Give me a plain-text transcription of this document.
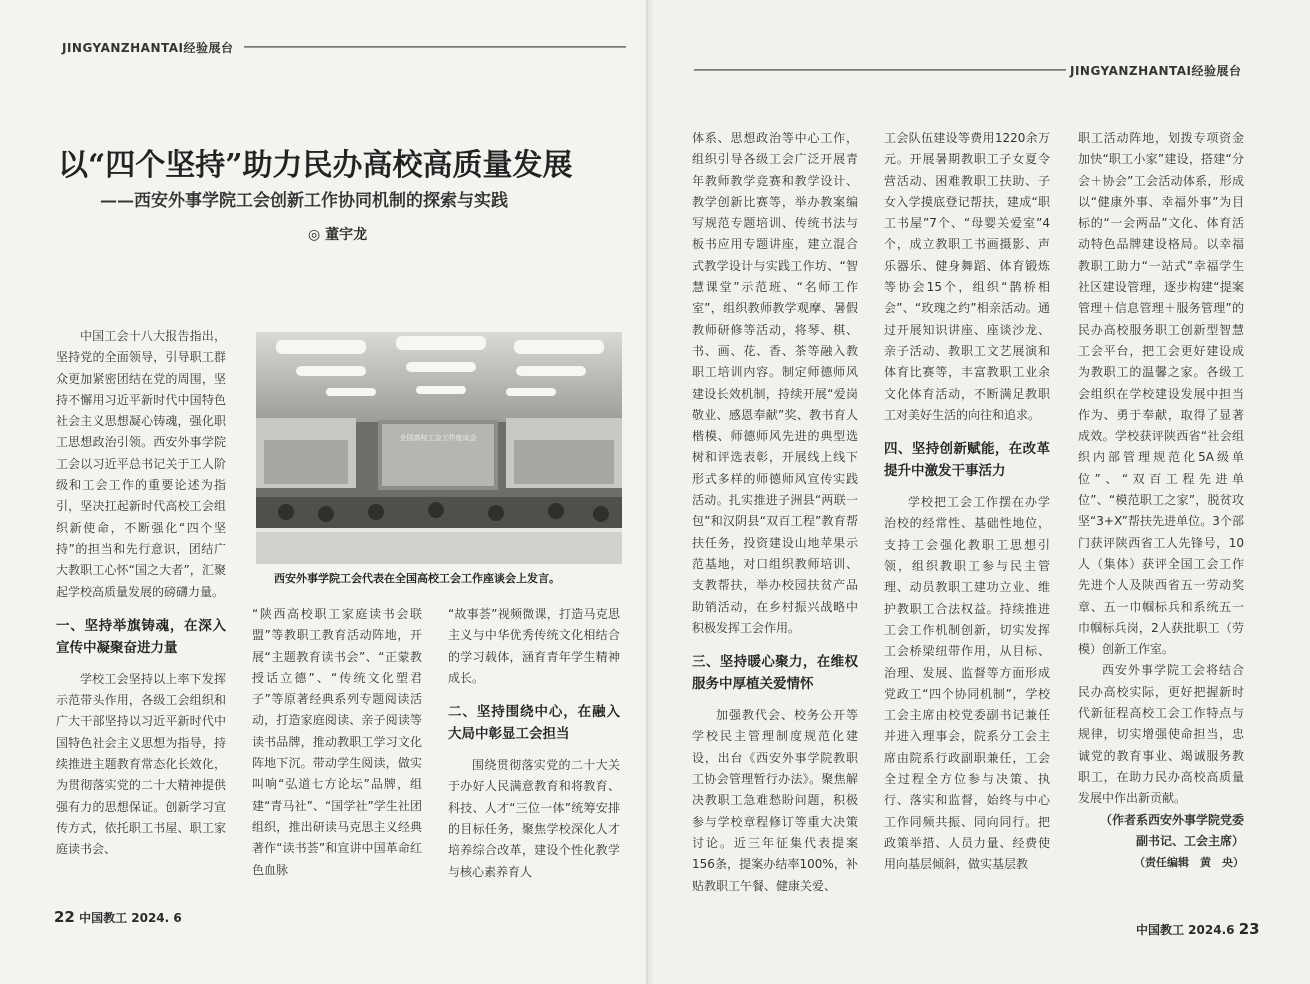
JINGYANZHANTAI经验展台
以“四个坚持”助力民办高校高质量发展
——西安外事学院工会创新工作协同机制的探索与实践
◎ 董宇龙

中国工会十八大报告指出，坚持党的全面领导，引导职工群众更加紧密团结在党的周围，坚持不懈用习近平新时代中国特色社会主义思想凝心铸魂，强化职工思想政治引领。西安外事学院工会以习近平总书记关于工人阶级和工会工作的重要论述为指引，坚决扛起新时代高校工会组织新使命，不断强化“四个坚持”的担当和先行意识，团结广大教职工心怀“国之大者”，汇聚起学校高质量发展的磅礴力量。

一、坚持举旗铸魂，在深入宣传中凝聚奋进力量

学校工会坚持以上率下发挥示范带头作用，各级工会组织和广大干部坚持以习近平新时代中国特色社会主义思想为指导，持续推进主题教育常态化长效化，为贯彻落实党的二十大精神提供强有力的思想保证。创新学习宣传方式，依托职工书屋、职工家庭读书会、

全国高校工会工作座谈会
西安外事学院工会代表在全国高校工会工作座谈会上发言。

“陕西高校职工家庭读书会联盟”等教职工教育活动阵地，开展“主题教育读书会”、“正蒙教授话立德”、“传统文化塑君子”等原著经典系列专题阅读活动，打造家庭阅读、亲子阅读等读书品牌，推动教职工学习文化阵地下沉。带动学生阅读，做实叫响“弘道七方论坛”品牌，组建“青马社”、“国学社”学生社团组织，推出研读马克思主义经典著作“读书荟”和宣讲中国革命红色血脉

“故事荟”视频微课，打造马克思主义与中华优秀传统文化相结合的学习载体，涵育青年学生精神成长。

二、坚持围绕中心，在融入大局中彰显工会担当

围绕贯彻落实党的二十大关于办好人民满意教育和将教育、科技、人才“三位一体”统筹安排的目标任务，聚焦学校深化人才培养综合改革，建设个性化教学与核心素养育人

22 中国教工 2024. 6
JINGYANZHANTAI经验展台

体系、思想政治等中心工作，组织引导各级工会广泛开展青年教师教学竞赛和教学设计、教学创新比赛等，举办教案编写规范专题培训、传统书法与板书应用专题讲座，建立混合式教学设计与实践工作坊、“智慧课堂”示范班、“名师工作室”，组织教师教学观摩、暑假教师研修等活动，将琴、棋、书、画、花、香、茶等融入教职工培训内容。制定师德师风建设长效机制，持续开展“爱岗敬业、感恩奉献”奖、教书育人楷模、师德师风先进的典型选树和评选表彰，开展线上线下形式多样的师德师风宣传实践活动。扎实推进子洲县“两联一包”和汉阴县“双百工程”教育帮扶任务，投资建设山地苹果示范基地，对口组织教师培训、支教帮扶，举办校园扶贫产品助销活动，在乡村振兴战略中积极发挥工会作用。

三、坚持暖心聚力，在维权服务中厚植关爱情怀

加强教代会、校务公开等学校民主管理制度规范化建设，出台《西安外事学院教职工协会管理暂行办法》。聚焦解决教职工急难愁盼问题，积极参与学校章程修订等重大决策讨论。近三年征集代表提案156条，提案办结率100%，补贴教职工午餐、健康关爱、

工会队伍建设等费用1220余万元。开展暑期教职工子女夏令营活动、困难教职工扶助、子女入学摸底登记帮扶，建成“职工书屋”7个、“母婴关爱室”4个，成立教职工书画摄影、声乐器乐、健身舞蹈、体育锻炼等协会15个，组织“鹊桥相会”、“玫瑰之约”相亲活动。通过开展知识讲座、座谈沙龙、亲子活动、教职工文艺展演和体育比赛等，丰富教职工业余文化体育活动，不断满足教职工对美好生活的向往和追求。

四、坚持创新赋能，在改革提升中激发干事活力

学校把工会工作摆在办学治校的经常性、基础性地位，支持工会强化教职工思想引领，组织教职工参与民主管理、动员教职工建功立业、维护教职工合法权益。持续推进工会工作机制创新，切实发挥工会桥梁纽带作用，从目标、治理、发展、监督等方面形成党政工“四个协同机制”，学校工会主席由校党委副书记兼任并进入理事会，院系分工会主席由院系行政副职兼任，工会全过程全方位参与决策、执行、落实和监督，始终与中心工作同频共振、同向同行。把政策举措、人员力量、经费使用向基层倾斜，做实基层教

职工活动阵地，划拨专项资金加快“职工小家”建设，搭建“分会＋协会”工会活动体系，形成以“健康外事、幸福外事”为目标的“一会两品”文化、体育活动特色品牌建设格局。以幸福教职工助力“一站式”幸福学生社区建设管理，逐步构建“提案管理＋信息管理＋服务管理”的民办高校服务职工创新型智慧工会平台，把工会更好建设成为教职工的温馨之家。各级工会组织在学校建设发展中担当作为、勇于奉献，取得了显著成效。学校获评陕西省“社会组织内部管理规范化5A级单位”、“双百工程先进单位”、“模范职工之家”，脱贫攻坚“3+X”帮扶先进单位。3个部门获评陕西省工人先锋号，10人（集体）获评全国工会工作先进个人及陕西省五一劳动奖章、五一巾帼标兵和系统五一巾帼标兵岗，2人获批职工（劳模）创新工作室。

西安外事学院工会将结合民办高校实际，更好把握新时代新征程高校工会工作特点与规律，切实增强使命担当，忠诚党的教育事业、竭诚服务教职工，在助力民办高校高质量发展中作出新贡献。

（作者系西安外事学院党委

副书记、工会主席）

（责任编辑　黄　央）

中国教工 2024.6 23
